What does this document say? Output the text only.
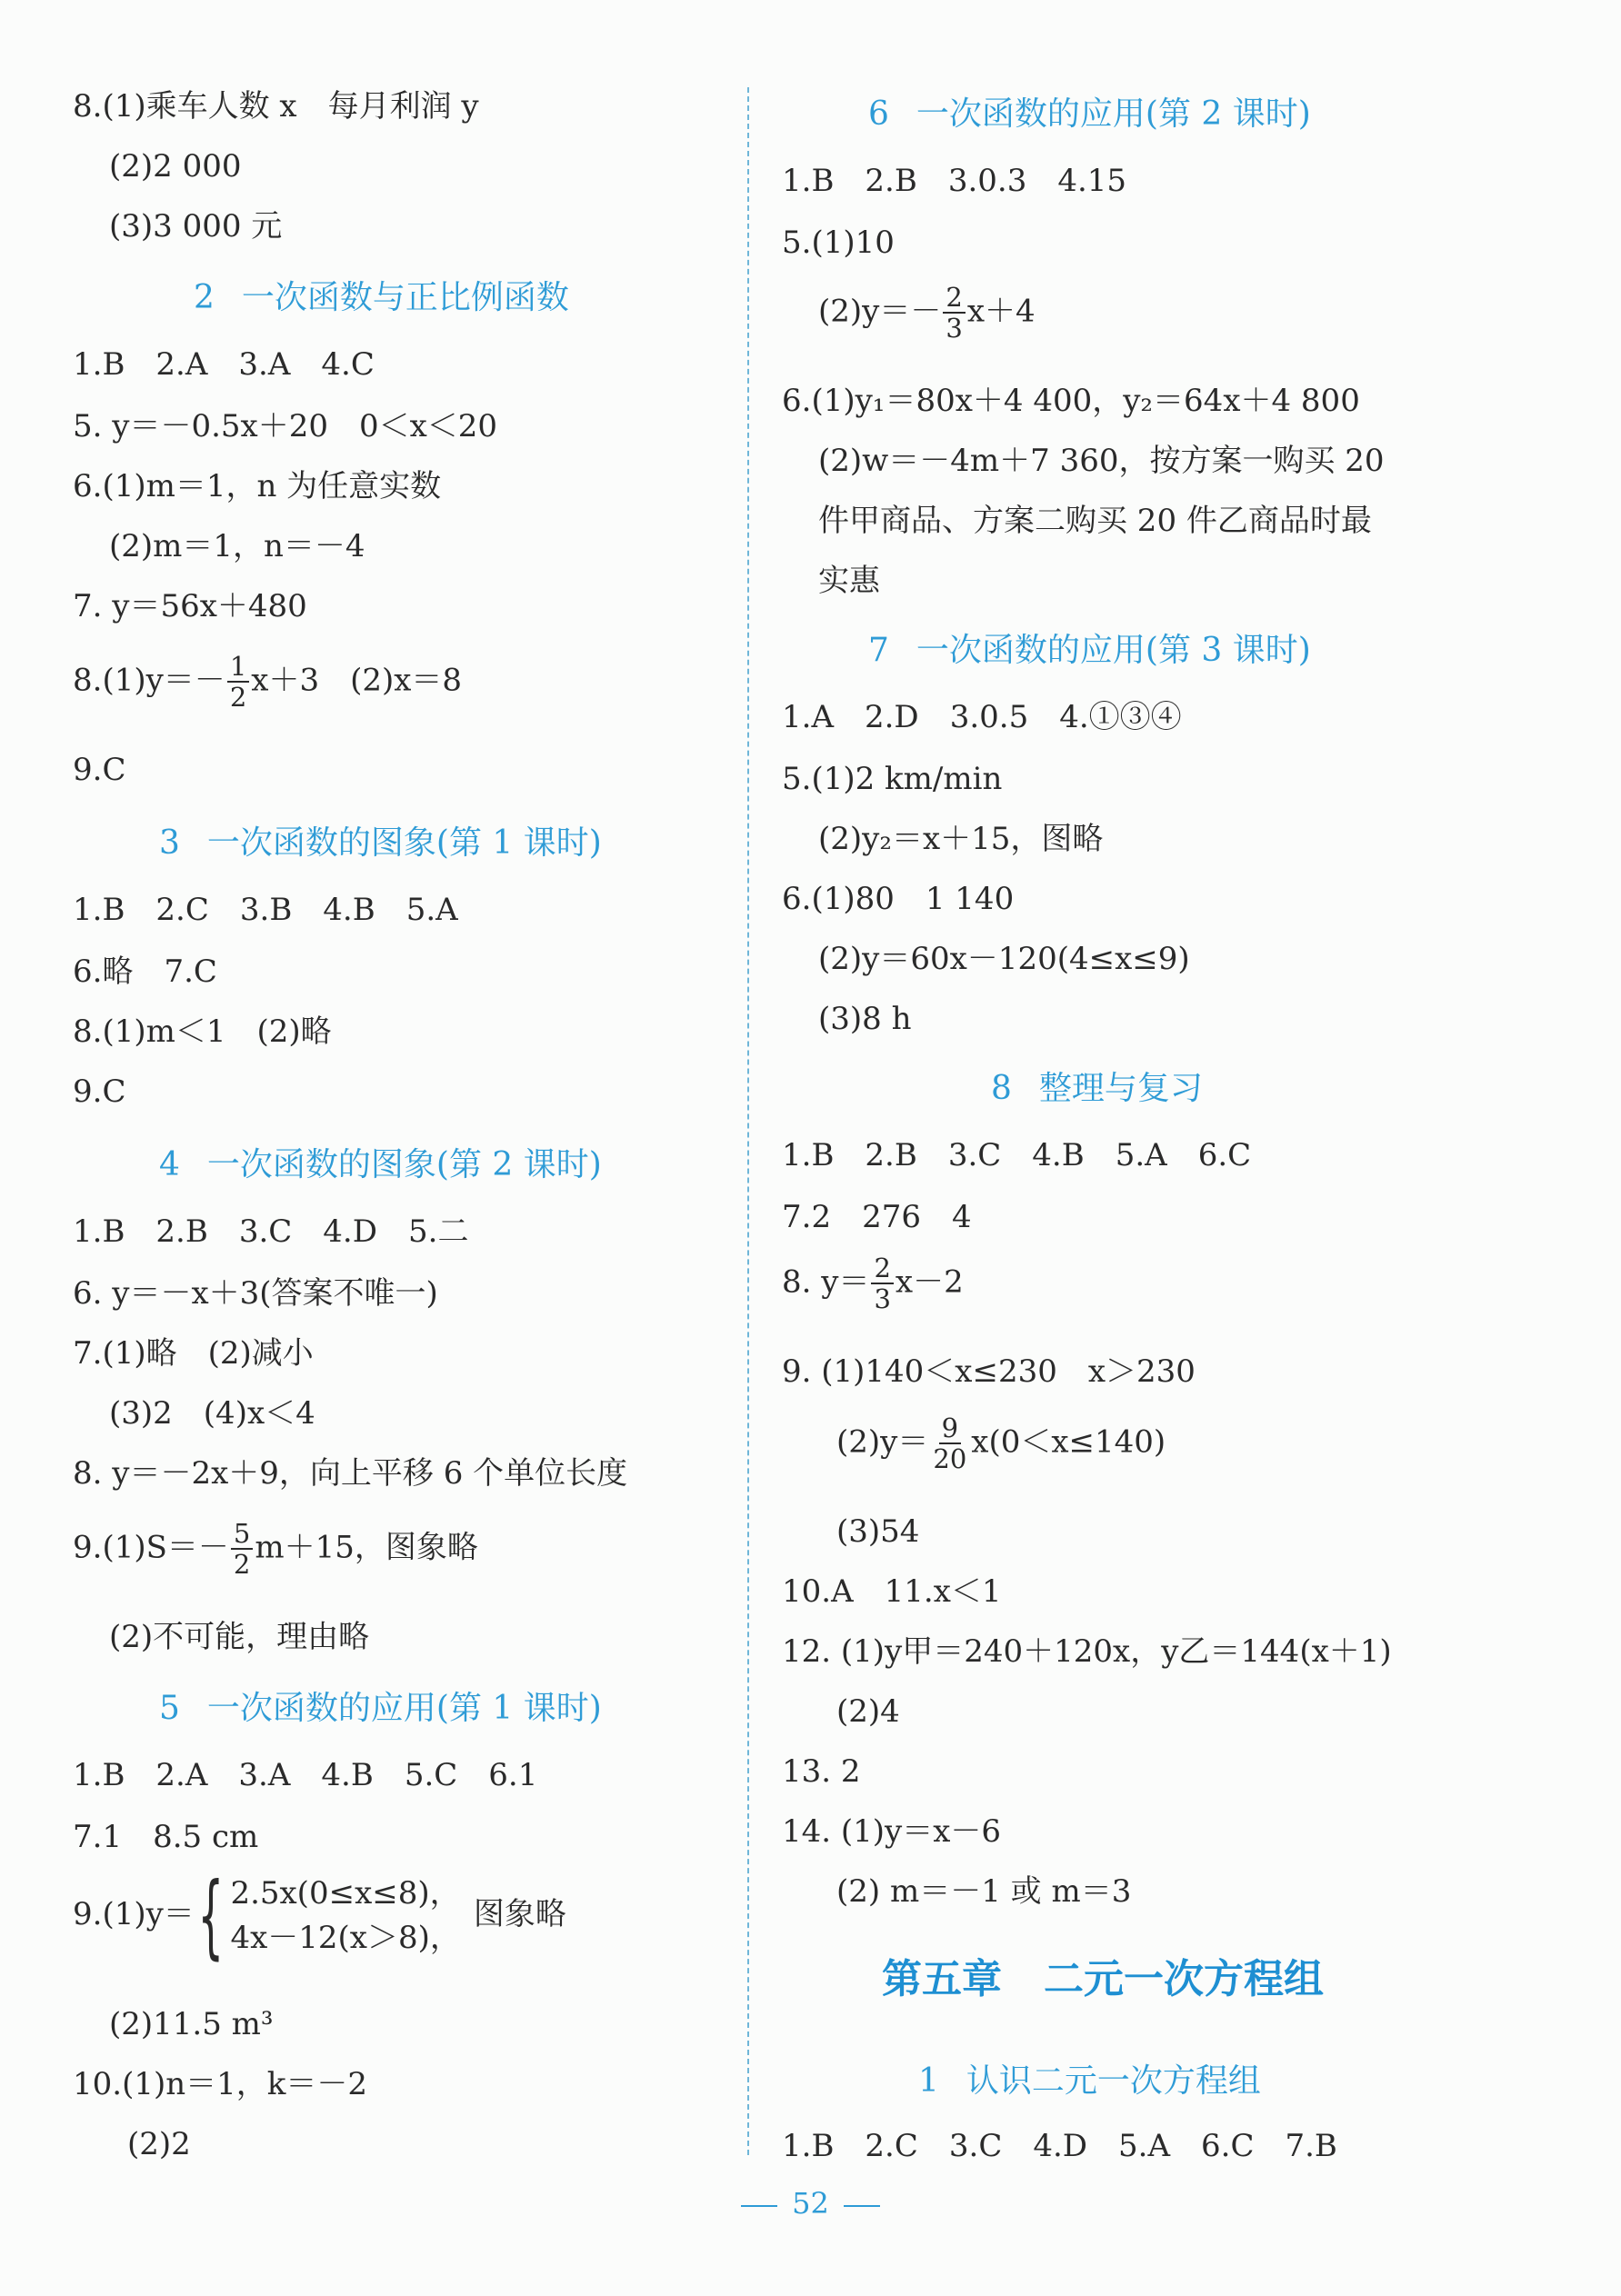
8.(1)乘车人数 x　每月利润 y
(2)2 000
(3)3 000 元
2 一次函数与正比例函数
1.B　2.A　3.A　4.C
5. y＝－0.5x＋20　0＜x＜20
6.(1)m＝1，n 为任意实数
(2)m＝1，n＝－4
7. y＝56x＋480
$8.(1)y=- \frac{1}{2} x+3$　(2)x＝8
9.C
3 一次函数的图象(第 1 课时)
1.B　2.C　3.B　4.B　5.A
6.略　7.C
8.(1)m＜1　(2)略
9.C
4 一次函数的图象(第 2 课时)
1.B　2.B　3.C　4.D　5.二
6. y＝－x＋3(答案不唯一)
7.(1)略　(2)减小
(3)2　(4)x＜4
8. y＝－2x＋9，向上平移 6 个单位长度
$9.(1)S=- \frac{5}{2} m+15$，图象略
(2)不可能，理由略
5 一次函数的应用(第 1 课时)
1.B　2.A　3.A　4.B　5.C　6.1
7.1　8.5 cm
9.(1)y＝{ 2.5x(0≤x≤8)，
4x－12(x＞8)，
图象略
(2)11.5 m³
10.(1)n＝1，k＝－2
(2)2
6 一次函数的应用(第 2 课时)
1.B　2.B　3.0.3　4.15
5.(1)10
$(2)y=- \frac{2}{3} x+4$
6.(1)y₁＝80x＋4 400，y₂＝64x＋4 800
(2)w＝－4m＋7 360，按方案一购买 20
件甲商品、方案二购买 20 件乙商品时最
实惠
7 一次函数的应用(第 3 课时)
1.A　2.D　3.0.5　4.①③④
5.(1)2 km/min
(2)y₂＝x＋15，图略
6.(1)80　1 140
(2)y＝60x－120(4≤x≤9)
(3)8 h
8 整理与复习
1.B　2.B　3.C　4.B　5.A　6.C
7.2　276　4
8. $y= \frac{2}{3} x-2$
9. (1)140＜x≤230　x＞230
$(2)y= \frac{9}{20} x(0<x\le 140)$
(3)54
10.A　11.x＜1
12. (1)y甲＝240＋120x，y乙＝144(x＋1)
(2)4
13. 2
14. (1)y＝x－6
(2) m＝－1 或 m＝3
第五章 二元一次方程组
1 认识二元一次方程组
1.B　2.C　3.C　4.D　5.A　6.C　7.B
52
